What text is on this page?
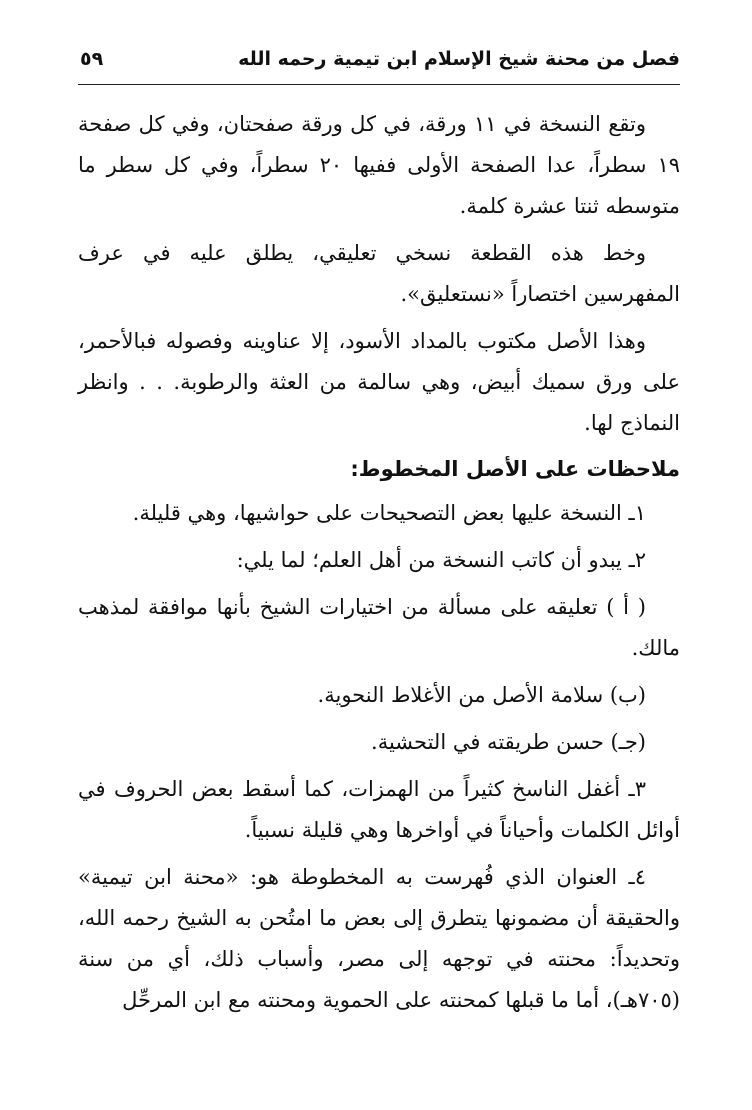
فصل من محنة شيخ الإسلام ابن تيمية رحمه الله
٥٩

وتقع النسخة في ١١ ورقة، في كل ورقة صفحتان، وفي كل صفحة ١٩ سطراً، عدا الصفحة الأولى ففيها ٢٠ سطراً، وفي كل سطر ما متوسطه ثنتا عشرة كلمة.

وخط هذه القطعة نسخي تعليقي، يطلق عليه في عرف المفهرسين اختصاراً «نستعليق».

وهذا الأصل مكتوب بالمداد الأسود، إلا عناوينه وفصوله فبالأحمر، على ورق سميك أبيض، وهي سالمة من العثة والرطوبة. . . وانظر النماذج لها.

ملاحظات على الأصل المخطوط:

١ـ النسخة عليها بعض التصحيحات على حواشيها، وهي قليلة.

٢ـ يبدو أن كاتب النسخة من أهل العلم؛ لما يلي:

( أ ) تعليقه على مسألة من اختيارات الشيخ بأنها موافقة لمذهب مالك.

(ب) سلامة الأصل من الأغلاط النحوية.

(جـ) حسن طريقته في التحشية.

٣ـ أغفل الناسخ كثيراً من الهمزات، كما أسقط بعض الحروف في أوائل الكلمات وأحياناً في أواخرها وهي قليلة نسبياً.

٤ـ العنوان الذي فُهرست به المخطوطة هو: «محنة ابن تيمية» والحقيقة أن مضمونها يتطرق إلى بعض ما امتُحن به الشيخ رحمه الله، وتحديداً: محنته في توجهه إلى مصر، وأسباب ذلك، أي من سنة (٧٠٥هـ)، أما ما قبلها كمحنته على الحموية ومحنته مع ابن المرحِّل
